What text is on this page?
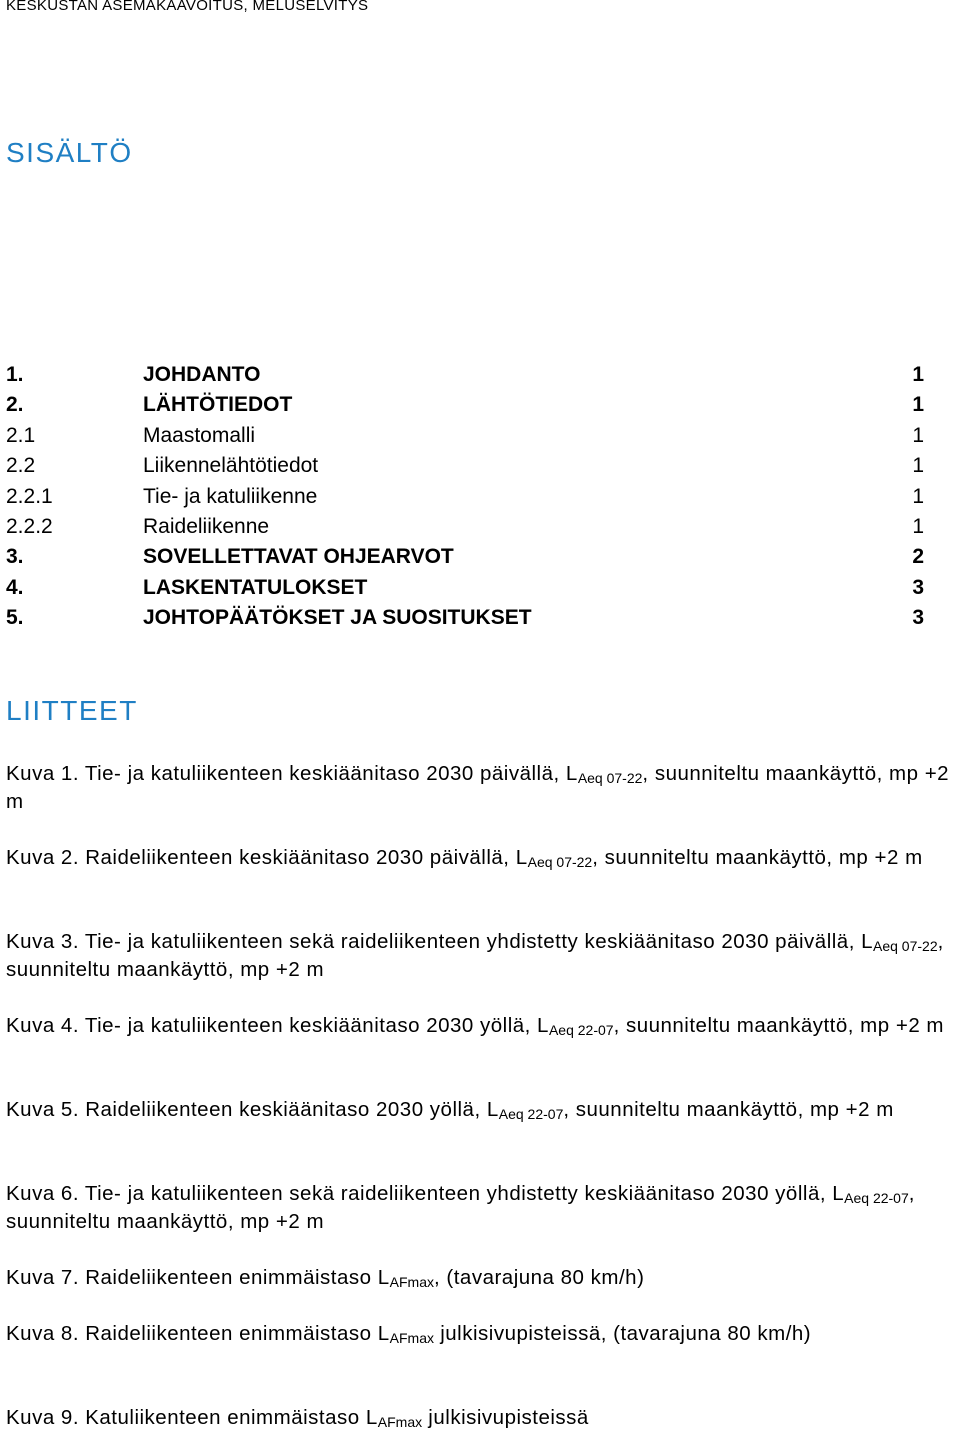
KESKUSTAN ASEMAKAAVOITUS, MELUSELVITYS
SISÄLTÖ
1.	JOHDANTO	1
2.	LÄHTÖTIEDOT	1
2.1	Maastomalli	1
2.2	Liikennelähtötiedot	1
2.2.1	Tie- ja katuliikenne	1
2.2.2	Raideliikenne	1
3.	SOVELLETTAVAT OHJEARVOT	2
4.	LASKENTATULOKSET	3
5.	JOHTOPÄÄTÖKSET JA SUOSITUKSET	3
LIITTEET
Kuva 1. Tie- ja katuliikenteen keskiäänitaso 2030 päivällä, $L_{Aeq 07-22}$, suunniteltu maankäyttö, mp +2 m
Kuva 2. Raideliikenteen keskiäänitaso 2030 päivällä, $L_{Aeq 07-22}$, suunniteltu maankäyttö, mp +2 m
Kuva 3. Tie- ja katuliikenteen sekä raideliikenteen yhdistetty keskiäänitaso 2030 päivällä, $L_{Aeq 07-22}$, suunniteltu maankäyttö, mp +2 m
Kuva 4. Tie- ja katuliikenteen keskiäänitaso 2030 yöllä, $L_{Aeq 22-07}$, suunniteltu maankäyttö, mp +2 m
Kuva 5. Raideliikenteen keskiäänitaso 2030 yöllä, $L_{Aeq 22-07}$, suunniteltu maankäyttö, mp +2 m
Kuva 6. Tie- ja katuliikenteen sekä raideliikenteen yhdistetty keskiäänitaso 2030 yöllä, $L_{Aeq 22-07}$, suunniteltu maankäyttö, mp +2 m
Kuva 7. Raideliikenteen enimmäistaso $L_{AFmax}$, (tavarajuna 80 km/h)
Kuva 8. Raideliikenteen enimmäistaso $L_{AFmax}$ julkisivupisteissä, (tavarajuna 80 km/h)
Kuva 9. Katuliikenteen enimmäistaso $L_{AFmax}$ julkisivupisteissä
